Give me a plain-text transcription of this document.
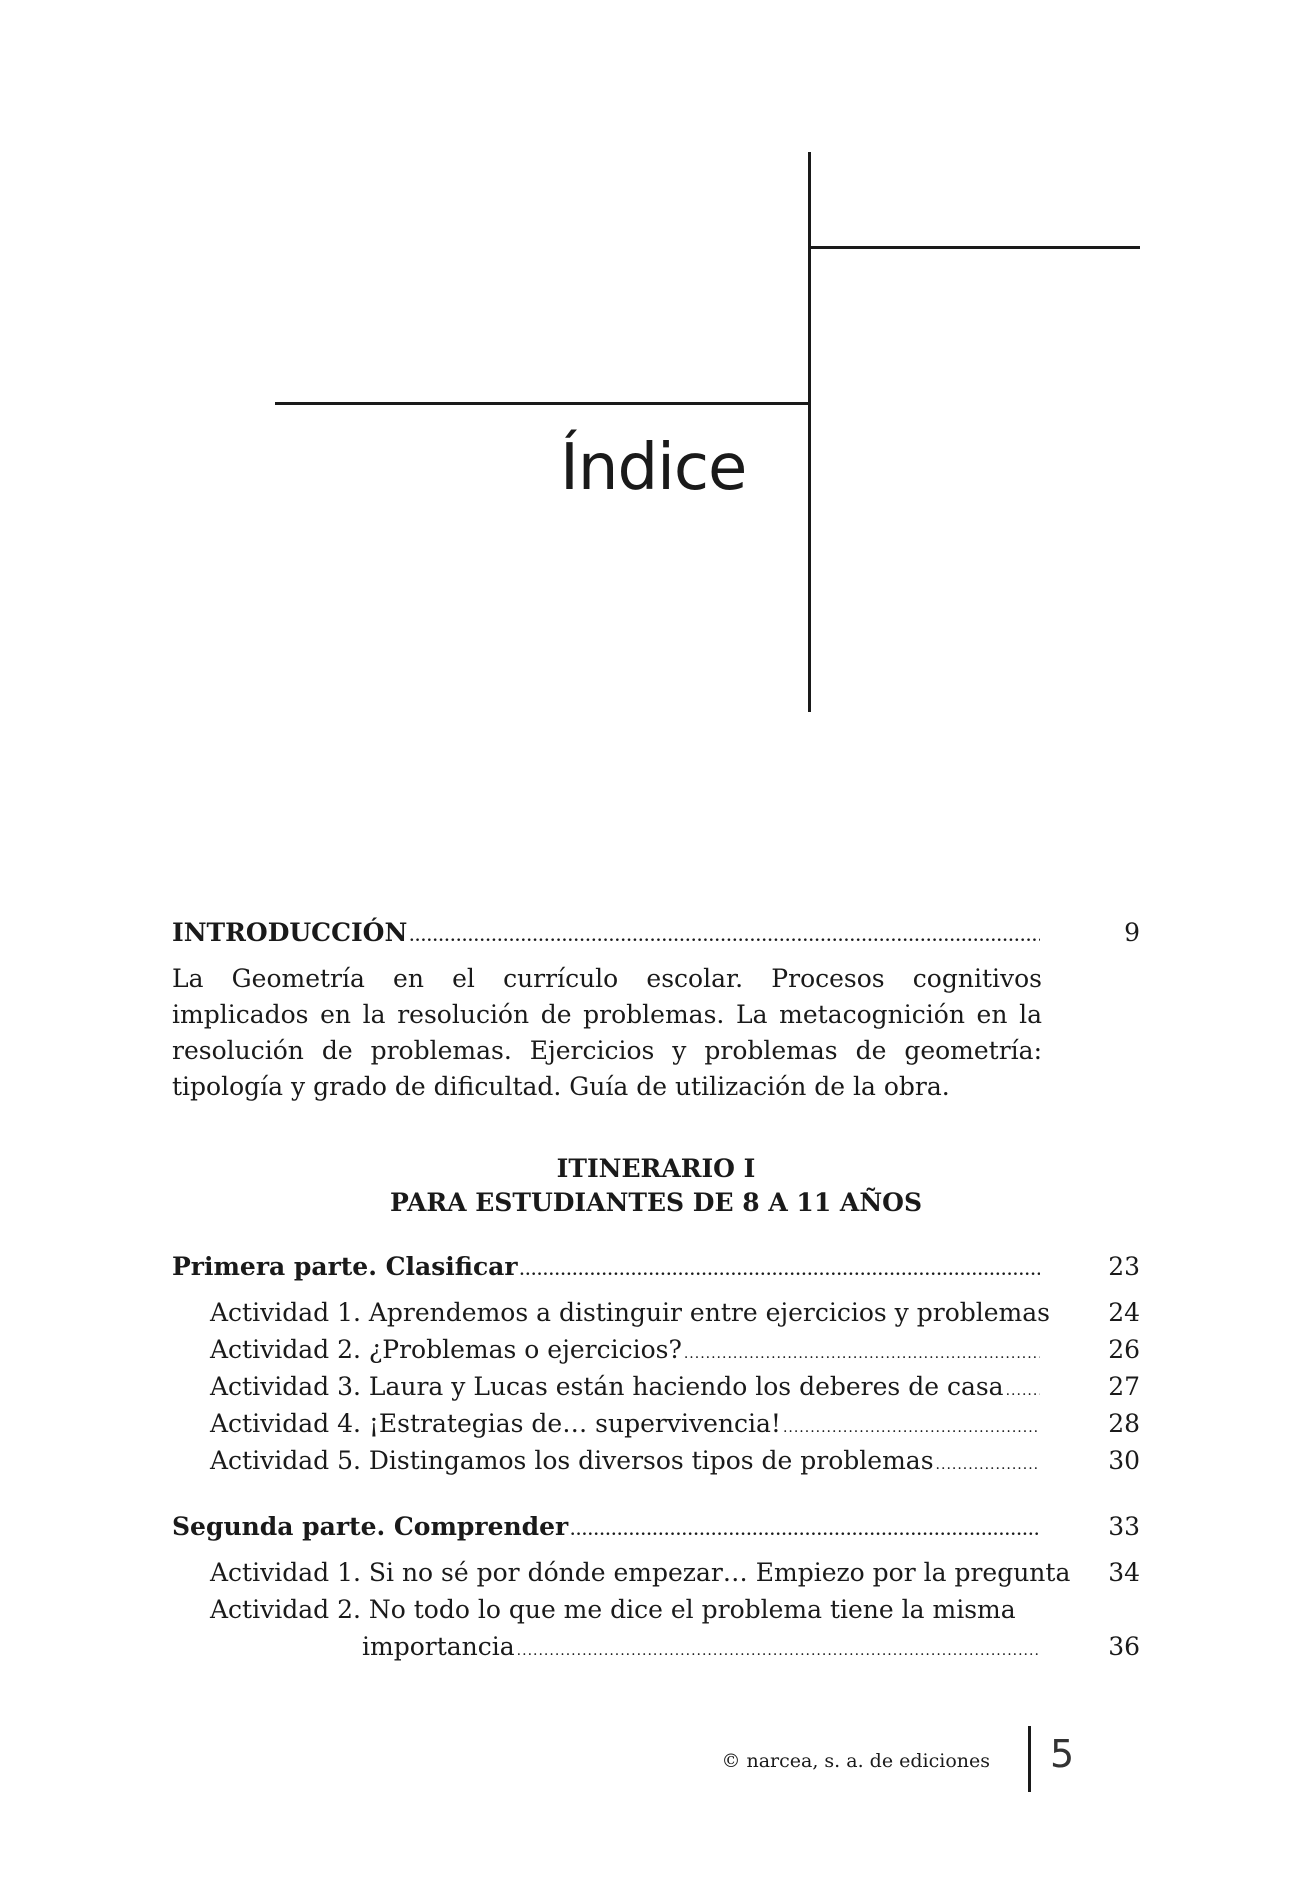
Índice
INTRODUCCIÓN .....	9
La Geometría en el currículo escolar. Procesos cognitivos implicados en la resolución de problemas. La metacognición en la resolución de problemas. Ejercicios y problemas de geometría: tipología y grado de dificultad. Guía de utilización de la obra.
ITINERARIO I
PARA ESTUDIANTES DE 8 A 11 AÑOS
Primera parte. Clasificar .....	23
Actividad 1. Aprendemos a distinguir entre ejercicios y problemas	24
Actividad 2. ¿Problemas o ejercicios? .....	26
Actividad 3. Laura y Lucas están haciendo los deberes de casa .....	27
Actividad 4. ¡Estrategias de… supervivencia! .....	28
Actividad 5. Distingamos los diversos tipos de problemas .....	30
Segunda parte. Comprender .....	33
Actividad 1. Si no sé por dónde empezar… Empiezo por la pregunta	34
Actividad 2. No todo lo que me dice el problema tiene la misma
importancia .....	36
© narcea, s. a. de ediciones 5
